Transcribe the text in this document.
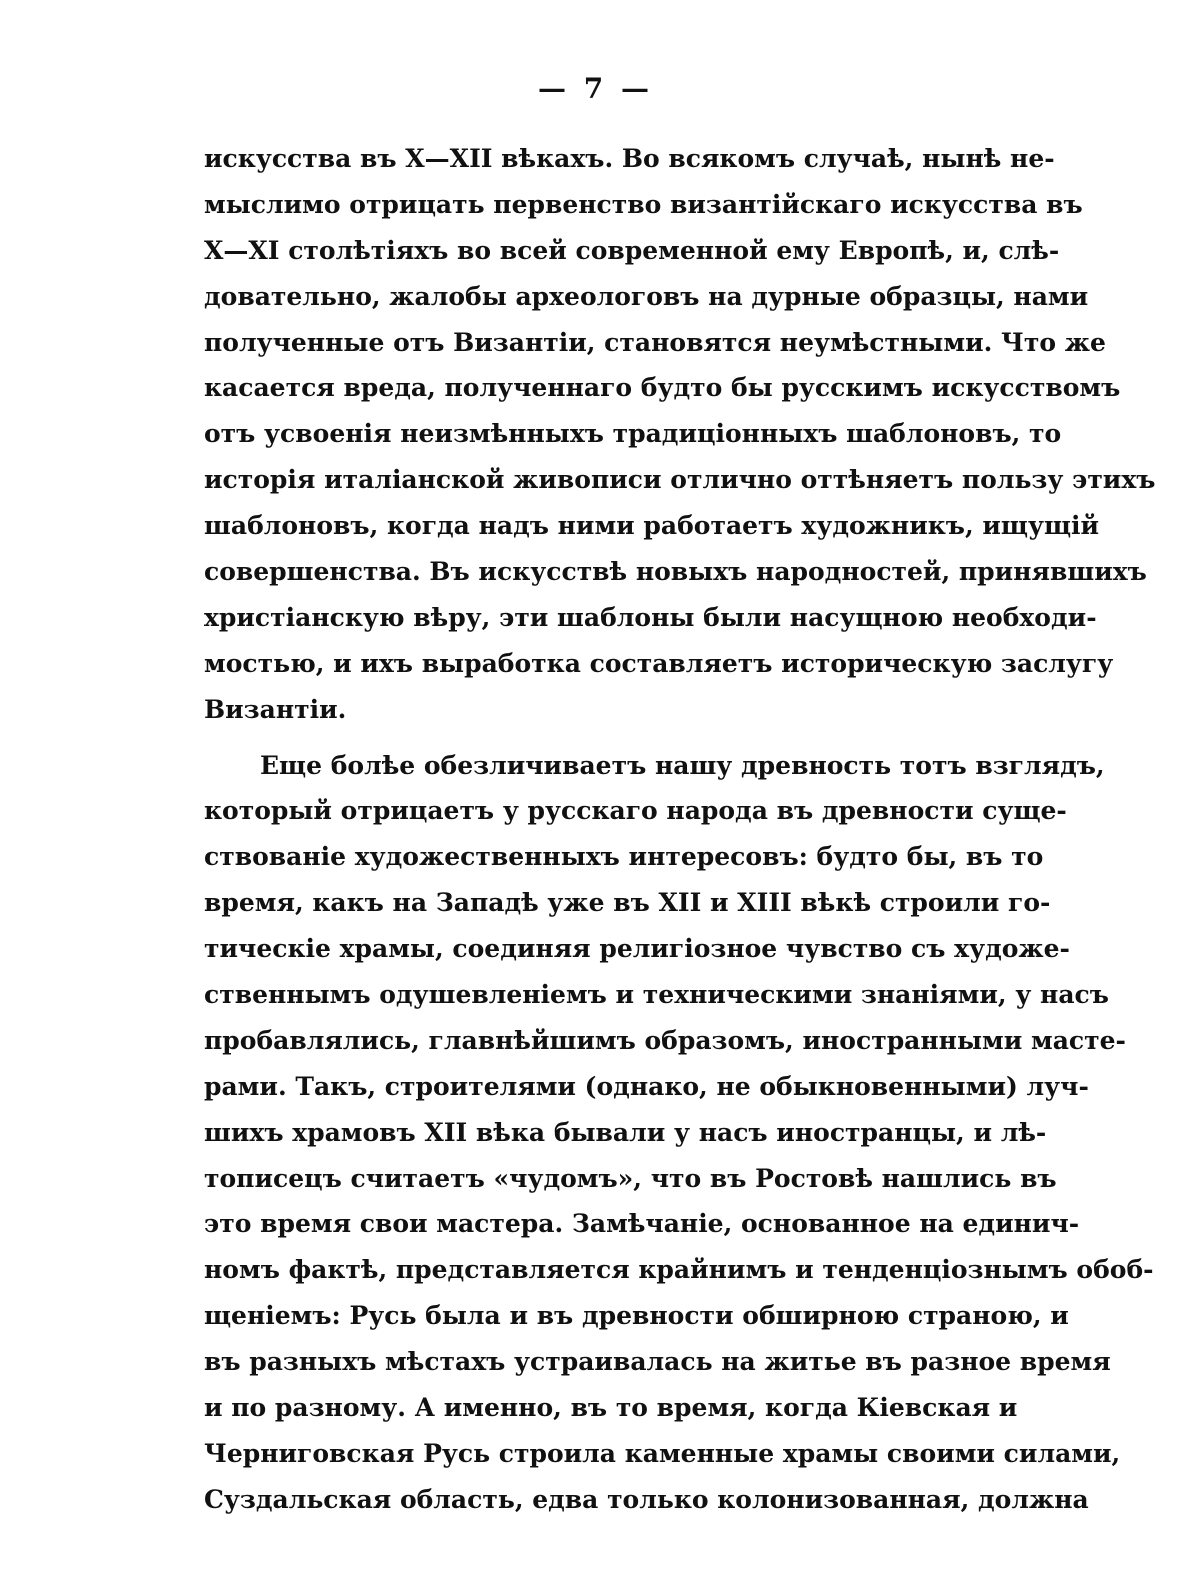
— 7 —
искусства въ X—XII вѣкахъ. Во всякомъ случаѣ, нынѣ не-
мыслимо отрицать первенство византійскаго искусства въ
X—XI столѣтіяхъ во всей современной ему Европѣ, и, слѣ-
довательно, жалобы археологовъ на дурные образцы, нами
полученные отъ Византіи, становятся неумѣстными. Что же
касается вреда, полученнаго будто бы русскимъ искусствомъ
отъ усвоенія неизмѣнныхъ традиціонныхъ шаблоновъ, то
исторія италіанской живописи отлично оттѣняетъ пользу этихъ
шаблоновъ, когда надъ ними работаетъ художникъ, ищущій
совершенства. Въ искусствѣ новыхъ народностей, принявшихъ
христіанскую вѣру, эти шаблоны были насущною необходи-
мостью, и ихъ выработка составляетъ историческую заслугу
Византіи.
Еще болѣе обезличиваетъ нашу древность тотъ взглядъ,
который отрицаетъ у русскаго народа въ древности суще-
ствованіе художественныхъ интересовъ: будто бы, въ то
время, какъ на Западѣ уже въ XII и XIII вѣкѣ строили го-
тическіе храмы, соединяя религіозное чувство съ художе-
ственнымъ одушевленіемъ и техническими знаніями, у насъ
пробавлялись, главнѣйшимъ образомъ, иностранными масте-
рами. Такъ, строителями (однако, не обыкновенными) луч-
шихъ храмовъ XII вѣка бывали у насъ иностранцы, и лѣ-
тописецъ считаетъ «чудомъ», что въ Ростовѣ нашлись въ
это время свои мастера. Замѣчаніе, основанное на единич-
номъ фактѣ, представляется крайнимъ и тенденціознымъ обоб-
щеніемъ: Русь была и въ древности обширною страною, и
въ разныхъ мѣстахъ устраивалась на житье въ разное время
и по разному. А именно, въ то время, когда Кіевская и
Черниговская Русь строила каменные храмы своими силами,
Суздальская область, едва только колонизованная, должна
